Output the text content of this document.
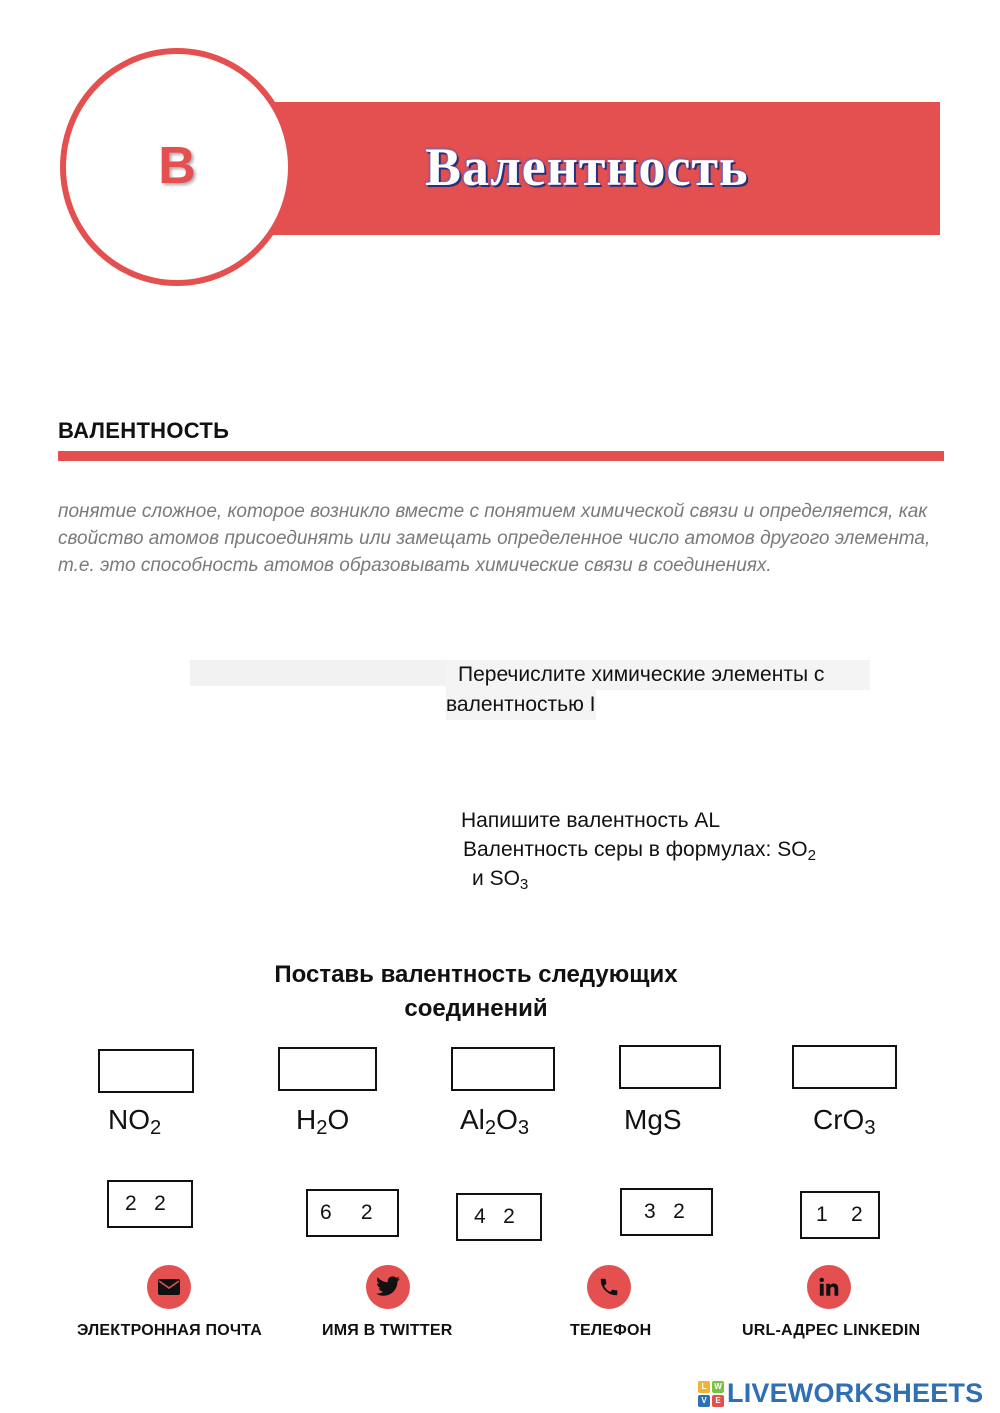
Валентность
В
ВАЛЕНТНОСТЬ

понятие сложное, которое возникло вместе с понятием химической связи и определяется, как свойство атомов присоединять или замещать определенное число атомов другого элемента, т.е. это способность атомов образовывать химические связи в соединениях.

Перечислите химические элементы с
валентностью I
Напишите валентность AL
Валентность серы в формулах: $SO_2$
и $SO_3$
Поставь валентность следующих соединений
$NO_2$	$H_2O$	$Al_2O_3$	MgS	CrO$_3$
2   2	6     2	4   2	3   2	1    2
ЭЛЕКТРОННАЯ ПОЧТА	ИМЯ В TWITTER	ТЕЛЕФОН	URL-АДРЕС LINKEDIN
L W
V	E LIVEWORKSHEETS
